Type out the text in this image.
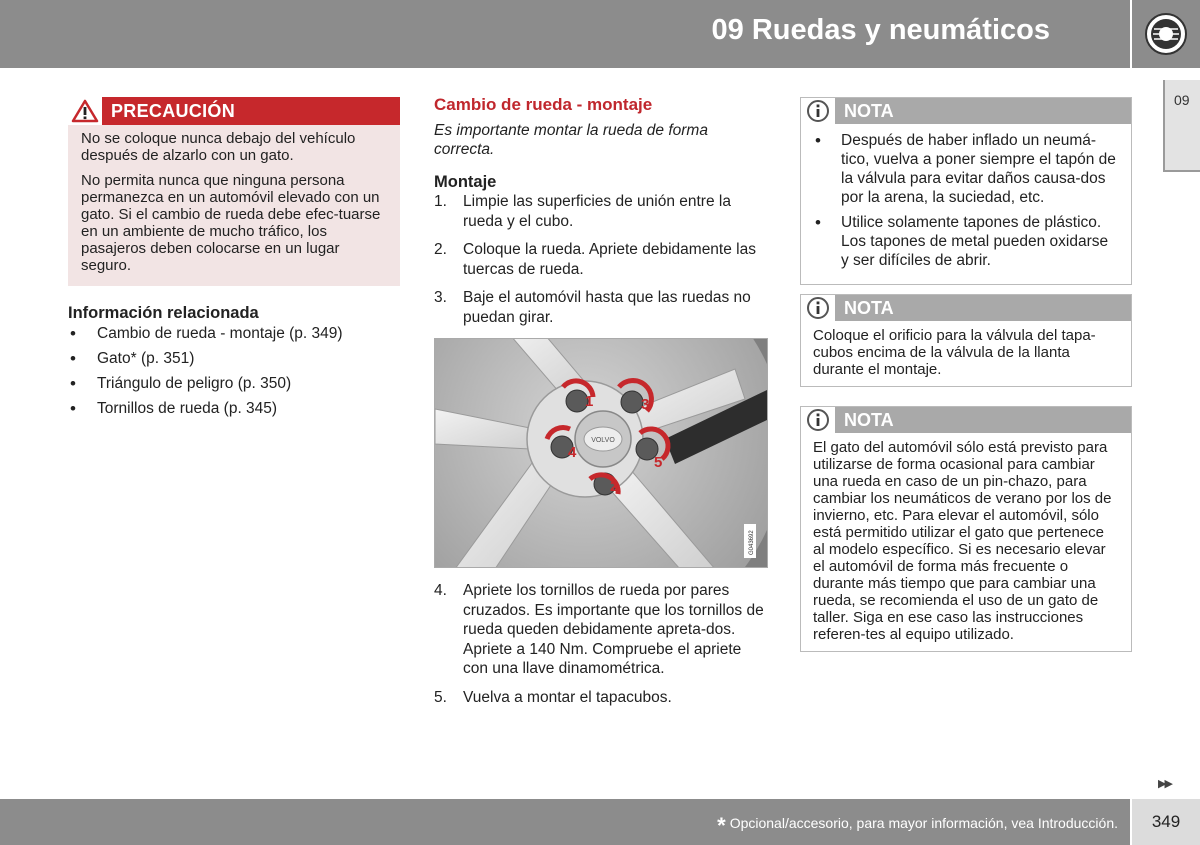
09 Ruedas y neumáticos
09
PRECAUCIÓN

No se coloque nunca debajo del vehículo después de alzarlo con un gato.

No permita nunca que ninguna persona permanezca en un automóvil elevado con un gato. Si el cambio de rueda debe efec-tuarse en un ambiente de mucho tráfico, los pasajeros deben colocarse en un lugar seguro.

Información relacionada
• Cambio de rueda - montaje (p. 349)
• Gato* (p. 351)
• Triángulo de peligro (p. 350)
• Tornillos de rueda (p. 345)
Cambio de rueda - montaje

Es importante montar la rueda de forma correcta.

Montaje
1. Limpie las superficies de unión entre la rueda y el cubo.
2. Coloque la rueda. Apriete debidamente las tuercas de rueda.
3. Baje el automóvil hasta que las ruedas no puedan girar.
VOLVO
1
2
3
4
5
G043692
4. Apriete los tornillos de rueda por pares cruzados. Es importante que los tornillos de rueda queden debidamente apreta-dos. Apriete a 140 Nm. Compruebe el apriete con una llave dinamométrica.
5. Vuelva a montar el tapacubos.
NOTA
• Después de haber inflado un neumá-tico, vuelva a poner siempre el tapón de la válvula para evitar daños causa-dos por la arena, la suciedad, etc.
• Utilice solamente tapones de plástico. Los tapones de metal pueden oxidarse y ser difíciles de abrir.
NOTA
Coloque el orificio para la válvula del tapa-cubos encima de la válvula de la llanta durante el montaje.
NOTA
El gato del automóvil sólo está previsto para utilizarse de forma ocasional para cambiar una rueda en caso de un pin-chazo, para cambiar los neumáticos de verano por los de invierno, etc. Para elevar el automóvil, sólo está permitido utilizar el gato que pertenece al modelo específico. Si es necesario elevar el automóvil de forma más frecuente o durante más tiempo que para cambiar una rueda, se recomienda el uso de un gato de taller. Siga en ese caso las instrucciones referen-tes al equipo utilizado.
▶▶
* Opcional/accesorio, para mayor información, vea Introducción.	349
